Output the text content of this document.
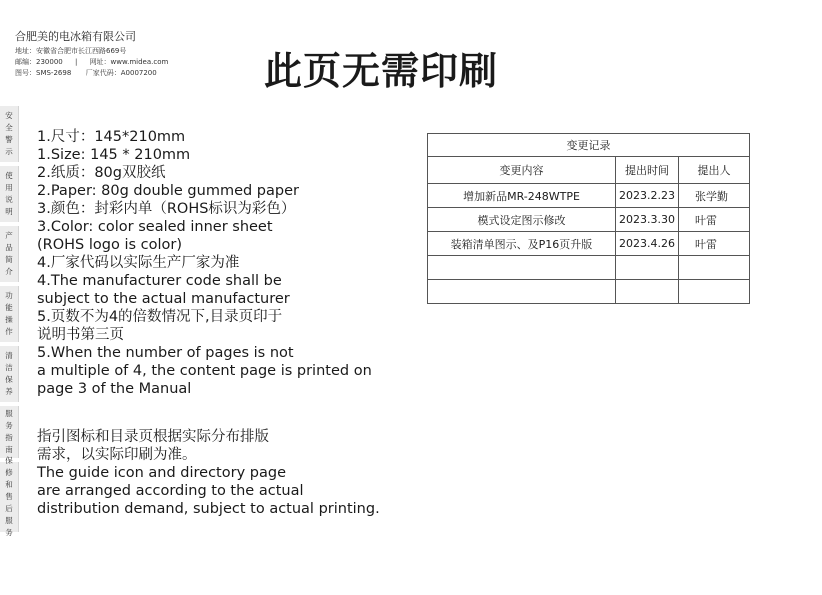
合肥美的电冰箱有限公司
地址：安徽省合肥市长江西路669号
邮编：230000 | 网址：www.midea.com
图号：SMS-2698 厂家代码：A0007200	此页无需印刷
安全警示
使用说明
产品简介
功能操作
清洁保养
服务指南
保修和售后服务
1.尺寸：145*210mm
1.Size: 145 * 210mm
2.纸质：80g双胶纸
2.Paper: 80g double gummed paper
3.颜色：封彩内单（ROHS标识为彩色）
3.Color: color sealed inner sheet
(ROHS logo is color)
4.厂家代码以实际生产厂家为准
4.The manufacturer code shall be
subject to the actual manufacturer
5.页数不为4的倍数情况下,目录页印于
说明书第三页
5.When the number of pages is not
a multiple of 4, the content page is printed on
page 3 of the Manual
指引图标和目录页根据实际分布排版
需求，以实际印刷为准。
The guide icon and directory page
are arranged according to the actual
distribution demand, subject to actual printing.
变更记录		
变更内容	提出时间	提出人
增加新品MR-248WTPE	2023.2.23	张学勤
模式设定图示修改	2023.3.30	叶雷
装箱清单图示、及P16页升版	2023.4.26	叶雷
